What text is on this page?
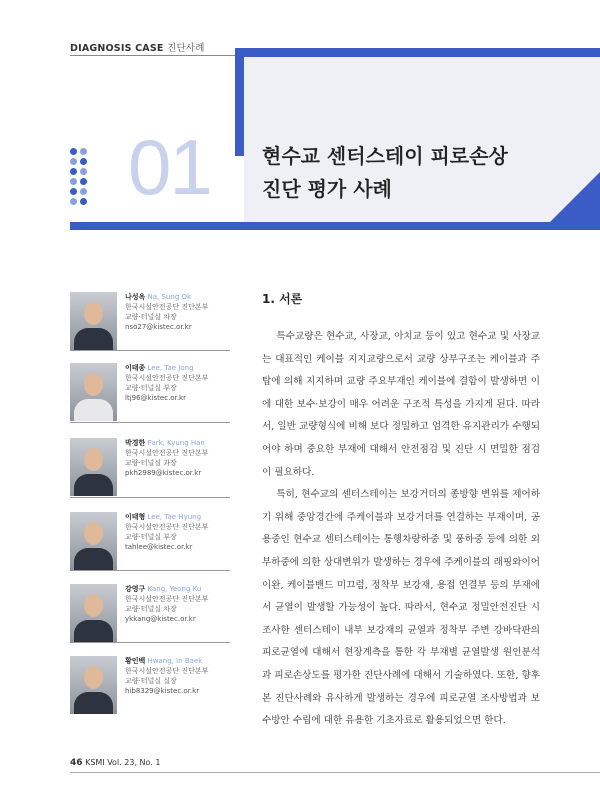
DIAGNOSIS CASE 진단사례
01	현수교 센터스테이 피로손상
진단 평가 사례
나성옥 Na, Sung Ok
한국시설안전공단 진단본부
교량·터널실 차장
nso27@kistec.or.kr
이태종 Lee, Tae Jong
한국시설안전공단 진단본부
교량·터널실 부장
ltj96@kistec.or.kr
박경한 Park, Kyung Han
한국시설안전공단 진단본부
교량·터널실 과장
pkh2989@kistec.or.kr
이태형 Lee, Tae Hyung
한국시설안전공단 진단본부
교량·터널실 부장
tahlee@kistec.or.kr
강영구 Kang, Yeong Ku
한국시설안전공단 진단본부
교량·터널실 차장
ykkang@kistec.or.kr
황인백 Hwang, In Baek
한국시설안전공단 진단본부
교량·터널실 실장
hib8329@kistec.or.kr
1. 서론

특수교량은 현수교, 사장교, 아치교 등이 있고 현수교 및 사장교는 대표적인 케이블 지지교량으로서 교량 상부구조는 케이블과 주탑에 의해 지지하며 교량 주요부재인 케이블에 결함이 발생하면 이에 대한 보수·보강이 매우 어려운 구조적 특성을 가지게 된다. 따라서, 일반 교량형식에 비해 보다 정밀하고 엄격한 유지관리가 수행되어야 하며 중요한 부재에 대해서 안전점검 및 진단 시 면밀한 점검이 필요하다.

특히, 현수교의 센터스테이는 보강거더의 종방향 변위를 제어하기 위해 중앙경간에 주케이블과 보강거더를 연결하는 부재이며, 공용중인 현수교 센터스테이는 통행차량하중 및 풍하중 등에 의한 외부하중에 의한 상대변위가 발생하는 경우에 주케이블의 래핑와이어 이완, 케이블밴드 미끄럼, 정착부 보강재, 용접 연결부 등의 부재에서 균열이 발생할 가능성이 높다. 따라서, 현수교 정밀안전진단 시 조사한 센터스테이 내부 보강재의 균열과 정착부 주변 강바닥판의 피로균열에 대해서 현장계측을 통한 각 부재별 균열발생 원인분석과 피로손상도를 평가한 진단사례에 대해서 기술하였다. 또한, 향후 본 진단사례와 유사하게 발생하는 경우에 피로균열 조사방법과 보수방안 수립에 대한 유용한 기초자료로 활용되었으면 한다.

46 KSMI Vol. 23, No. 1
